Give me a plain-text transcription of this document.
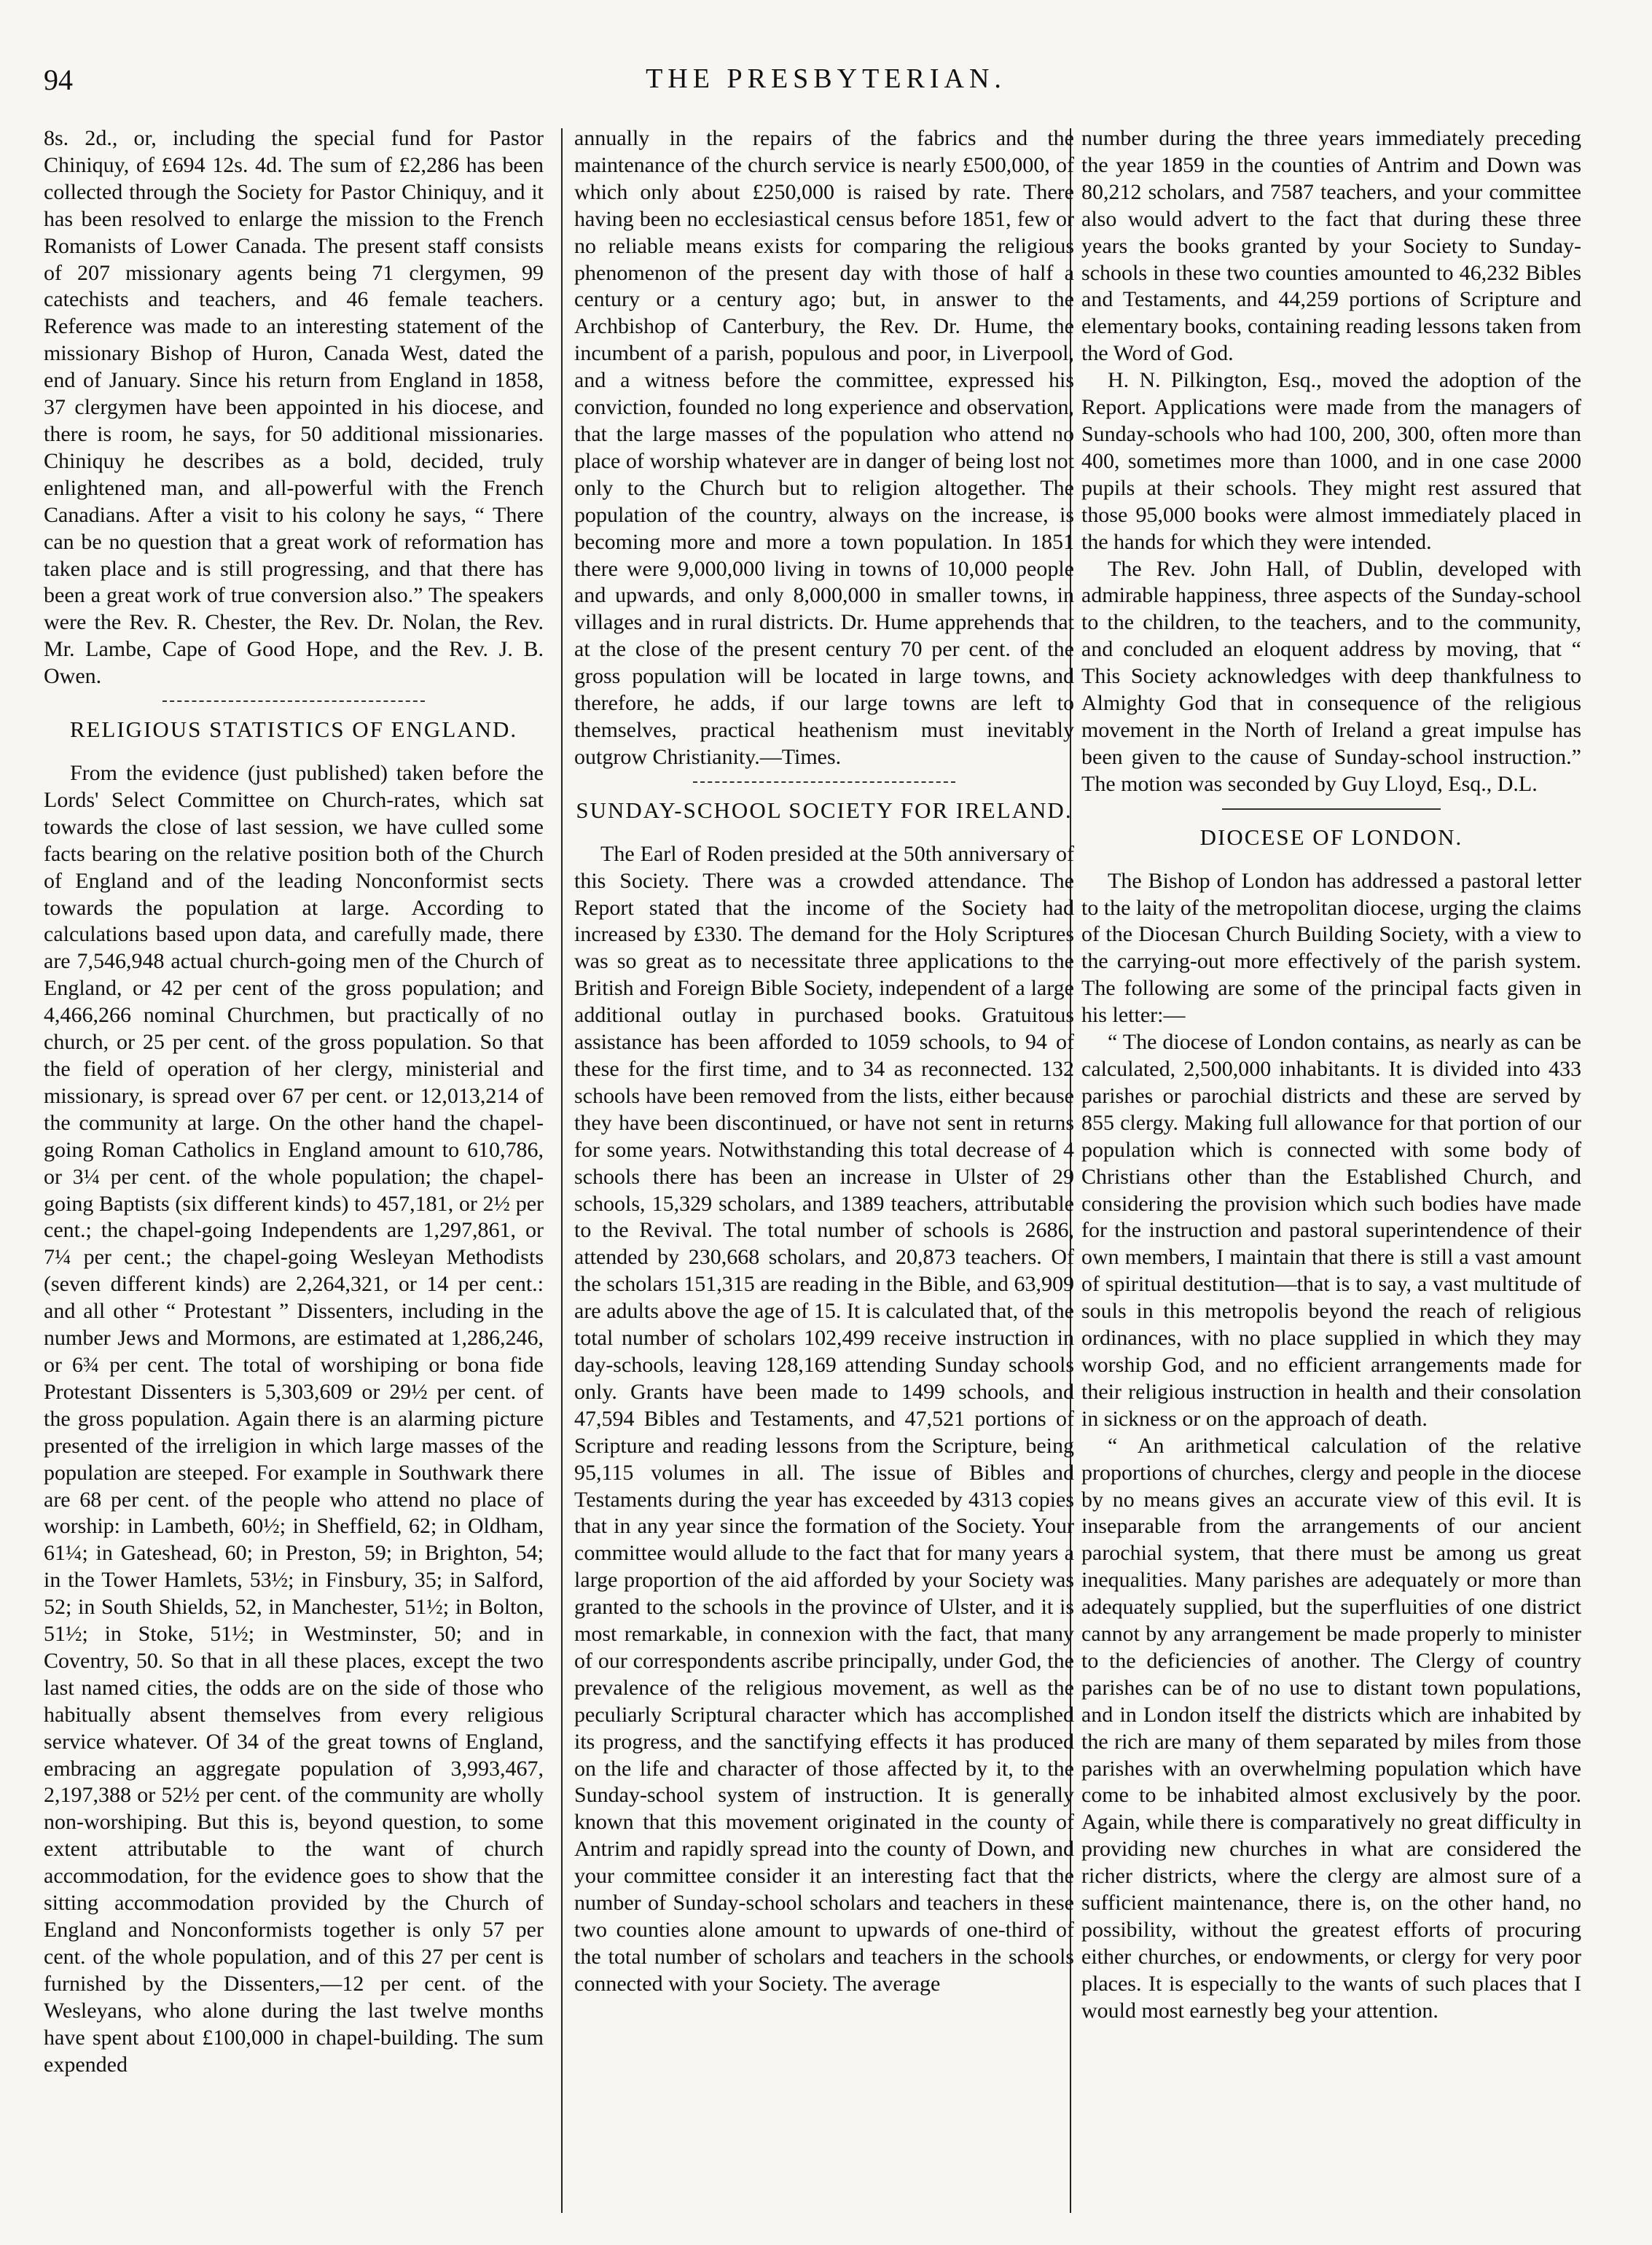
94	THE PRESBYTERIAN.

8s. 2d., or, including the special fund for Pastor Chiniquy, of £694 12s. 4d. The sum of £2,286 has been collected through the Society for Pastor Chiniquy, and it has been resolved to enlarge the mission to the French Romanists of Lower Canada. The present staff consists of 207 missionary agents being 71 clergymen, 99 catechists and teachers, and 46 female teachers. Reference was made to an interesting statement of the missionary Bishop of Huron, Canada West, dated the end of January. Since his return from England in 1858, 37 clergymen have been appointed in his diocese, and there is room, he says, for 50 additional missionaries. Chiniquy he describes as a bold, decided, truly enlightened man, and all-powerful with the French Canadians. After a visit to his colony he says, “ There can be no question that a great work of reformation has taken place and is still progressing, and that there has been a great work of true conversion also.” The speakers were the Rev. R. Chester, the Rev. Dr. Nolan, the Rev. Mr. Lambe, Cape of Good Hope, and the Rev. J. B. Owen.

RELIGIOUS STATISTICS OF ENGLAND.

From the evidence (just published) taken before the Lords' Select Committee on Church-rates, which sat towards the close of last session, we have culled some facts bearing on the relative position both of the Church of England and of the leading Nonconformist sects towards the population at large. According to calculations based upon data, and carefully made, there are 7,546,948 actual church-going men of the Church of England, or 42 per cent of the gross population; and 4,466,266 nominal Churchmen, but practically of no church, or 25 per cent. of the gross population. So that the field of operation of her clergy, ministerial and missionary, is spread over 67 per cent. or 12,013,214 of the community at large. On the other hand the chapel-going Roman Catholics in England amount to 610,786, or 3¼ per cent. of the whole population; the chapel-going Baptists (six different kinds) to 457,181, or 2½ per cent.; the chapel-going Independents are 1,297,861, or 7¼ per cent.; the chapel-going Wesleyan Methodists (seven different kinds) are 2,264,321, or 14 per cent.: and all other “ Protestant ” Dissenters, including in the number Jews and Mormons, are estimated at 1,286,246, or 6¾ per cent. The total of worshiping or bona fide Protestant Dissenters is 5,303,609 or 29½ per cent. of the gross population. Again there is an alarming picture presented of the irreligion in which large masses of the population are steeped. For example in Southwark there are 68 per cent. of the people who attend no place of worship: in Lambeth, 60½; in Sheffield, 62; in Oldham, 61¼; in Gateshead, 60; in Preston, 59; in Brighton, 54; in the Tower Hamlets, 53½; in Finsbury, 35; in Salford, 52; in South Shields, 52, in Manchester, 51½; in Bolton, 51½; in Stoke, 51½; in Westminster, 50; and in Coventry, 50. So that in all these places, except the two last named cities, the odds are on the side of those who habitually absent themselves from every religious service whatever. Of 34 of the great towns of England, embracing an aggregate population of 3,993,467, 2,197,388 or 52½ per cent. of the community are wholly non-worshiping. But this is, beyond question, to some extent attributable to the want of church accommodation, for the evidence goes to show that the sitting accommodation provided by the Church of England and Nonconformists together is only 57 per cent. of the whole population, and of this 27 per cent is furnished by the Dissenters,—12 per cent. of the Wesleyans, who alone during the last twelve months have spent about £100,000 in chapel-building. The sum expended

annually in the repairs of the fabrics and the maintenance of the church service is nearly £500,000, of which only about £250,000 is raised by rate. There having been no ecclesiastical census before 1851, few or no reliable means exists for comparing the religious phenomenon of the present day with those of half a century or a century ago; but, in answer to the Archbishop of Canterbury, the Rev. Dr. Hume, the incumbent of a parish, populous and poor, in Liverpool, and a witness before the committee, expressed his conviction, founded no long experience and observation, that the large masses of the population who attend no place of worship whatever are in danger of being lost not only to the Church but to religion altogether. The population of the country, always on the increase, is becoming more and more a town population. In 1851 there were 9,000,000 living in towns of 10,000 people and upwards, and only 8,000,000 in smaller towns, in villages and in rural districts. Dr. Hume apprehends that at the close of the present century 70 per cent. of the gross population will be located in large towns, and therefore, he adds, if our large towns are left to themselves, practical heathenism must inevitably outgrow Christianity.—Times.

SUNDAY-SCHOOL SOCIETY FOR IRELAND.

The Earl of Roden presided at the 50th anniversary of this Society. There was a crowded attendance. The Report stated that the income of the Society had increased by £330. The demand for the Holy Scriptures was so great as to necessitate three applications to the British and Foreign Bible Society, independent of a large additional outlay in purchased books. Gratuitous assistance has been afforded to 1059 schools, to 94 of these for the first time, and to 34 as reconnected. 132 schools have been removed from the lists, either because they have been discontinued, or have not sent in returns for some years. Notwithstanding this total decrease of 4 schools there has been an increase in Ulster of 29 schools, 15,329 scholars, and 1389 teachers, attributable to the Revival. The total number of schools is 2686, attended by 230,668 scholars, and 20,873 teachers. Of the scholars 151,315 are reading in the Bible, and 63,909 are adults above the age of 15. It is calculated that, of the total number of scholars 102,499 receive instruction in day-schools, leaving 128,169 attending Sunday schools only. Grants have been made to 1499 schools, and 47,594 Bibles and Testaments, and 47,521 portions of Scripture and reading lessons from the Scripture, being 95,115 volumes in all. The issue of Bibles and Testaments during the year has exceeded by 4313 copies that in any year since the formation of the Society. Your committee would allude to the fact that for many years a large proportion of the aid afforded by your Society was granted to the schools in the province of Ulster, and it is most remarkable, in connexion with the fact, that many of our correspondents ascribe principally, under God, the prevalence of the religious movement, as well as the peculiarly Scriptural character which has accomplished its progress, and the sanctifying effects it has produced on the life and character of those affected by it, to the Sunday-school system of instruction. It is generally known that this movement originated in the county of Antrim and rapidly spread into the county of Down, and your committee consider it an interesting fact that the number of Sunday-school scholars and teachers in these two counties alone amount to upwards of one-third of the total number of scholars and teachers in the schools connected with your Society. The average

number during the three years immediately preceding the year 1859 in the counties of Antrim and Down was 80,212 scholars, and 7587 teachers, and your committee also would advert to the fact that during these three years the books granted by your Society to Sunday-schools in these two counties amounted to 46,232 Bibles and Testaments, and 44,259 portions of Scripture and elementary books, containing reading lessons taken from the Word of God.

H. N. Pilkington, Esq., moved the adoption of the Report. Applications were made from the managers of Sunday-schools who had 100, 200, 300, often more than 400, sometimes more than 1000, and in one case 2000 pupils at their schools. They might rest assured that those 95,000 books were almost immediately placed in the hands for which they were intended.

The Rev. John Hall, of Dublin, developed with admirable happiness, three aspects of the Sunday-school to the children, to the teachers, and to the community, and concluded an eloquent address by moving, that “ This Society acknowledges with deep thankfulness to Almighty God that in consequence of the religious movement in the North of Ireland a great impulse has been given to the cause of Sunday-school instruction.” The motion was seconded by Guy Lloyd, Esq., D.L.

DIOCESE OF LONDON.

The Bishop of London has addressed a pastoral letter to the laity of the metropolitan diocese, urging the claims of the Diocesan Church Building Society, with a view to the carrying-out more effectively of the parish system. The following are some of the principal facts given in his letter:—

“ The diocese of London contains, as nearly as can be calculated, 2,500,000 inhabitants. It is divided into 433 parishes or parochial districts and these are served by 855 clergy. Making full allowance for that portion of our population which is connected with some body of Christians other than the Established Church, and considering the provision which such bodies have made for the instruction and pastoral superintendence of their own members, I maintain that there is still a vast amount of spiritual destitution—that is to say, a vast multitude of souls in this metropolis beyond the reach of religious ordinances, with no place supplied in which they may worship God, and no efficient arrangements made for their religious instruction in health and their consolation in sickness or on the approach of death.

“ An arithmetical calculation of the relative proportions of churches, clergy and people in the diocese by no means gives an accurate view of this evil. It is inseparable from the arrangements of our ancient parochial system, that there must be among us great inequalities. Many parishes are adequately or more than adequately supplied, but the superfluities of one district cannot by any arrangement be made properly to minister to the deficiencies of another. The Clergy of country parishes can be of no use to distant town populations, and in London itself the districts which are inhabited by the rich are many of them separated by miles from those parishes with an overwhelming population which have come to be inhabited almost exclusively by the poor. Again, while there is comparatively no great difficulty in providing new churches in what are considered the richer districts, where the clergy are almost sure of a sufficient maintenance, there is, on the other hand, no possibility, without the greatest efforts of procuring either churches, or endowments, or clergy for very poor places. It is especially to the wants of such places that I would most earnestly beg your attention.
